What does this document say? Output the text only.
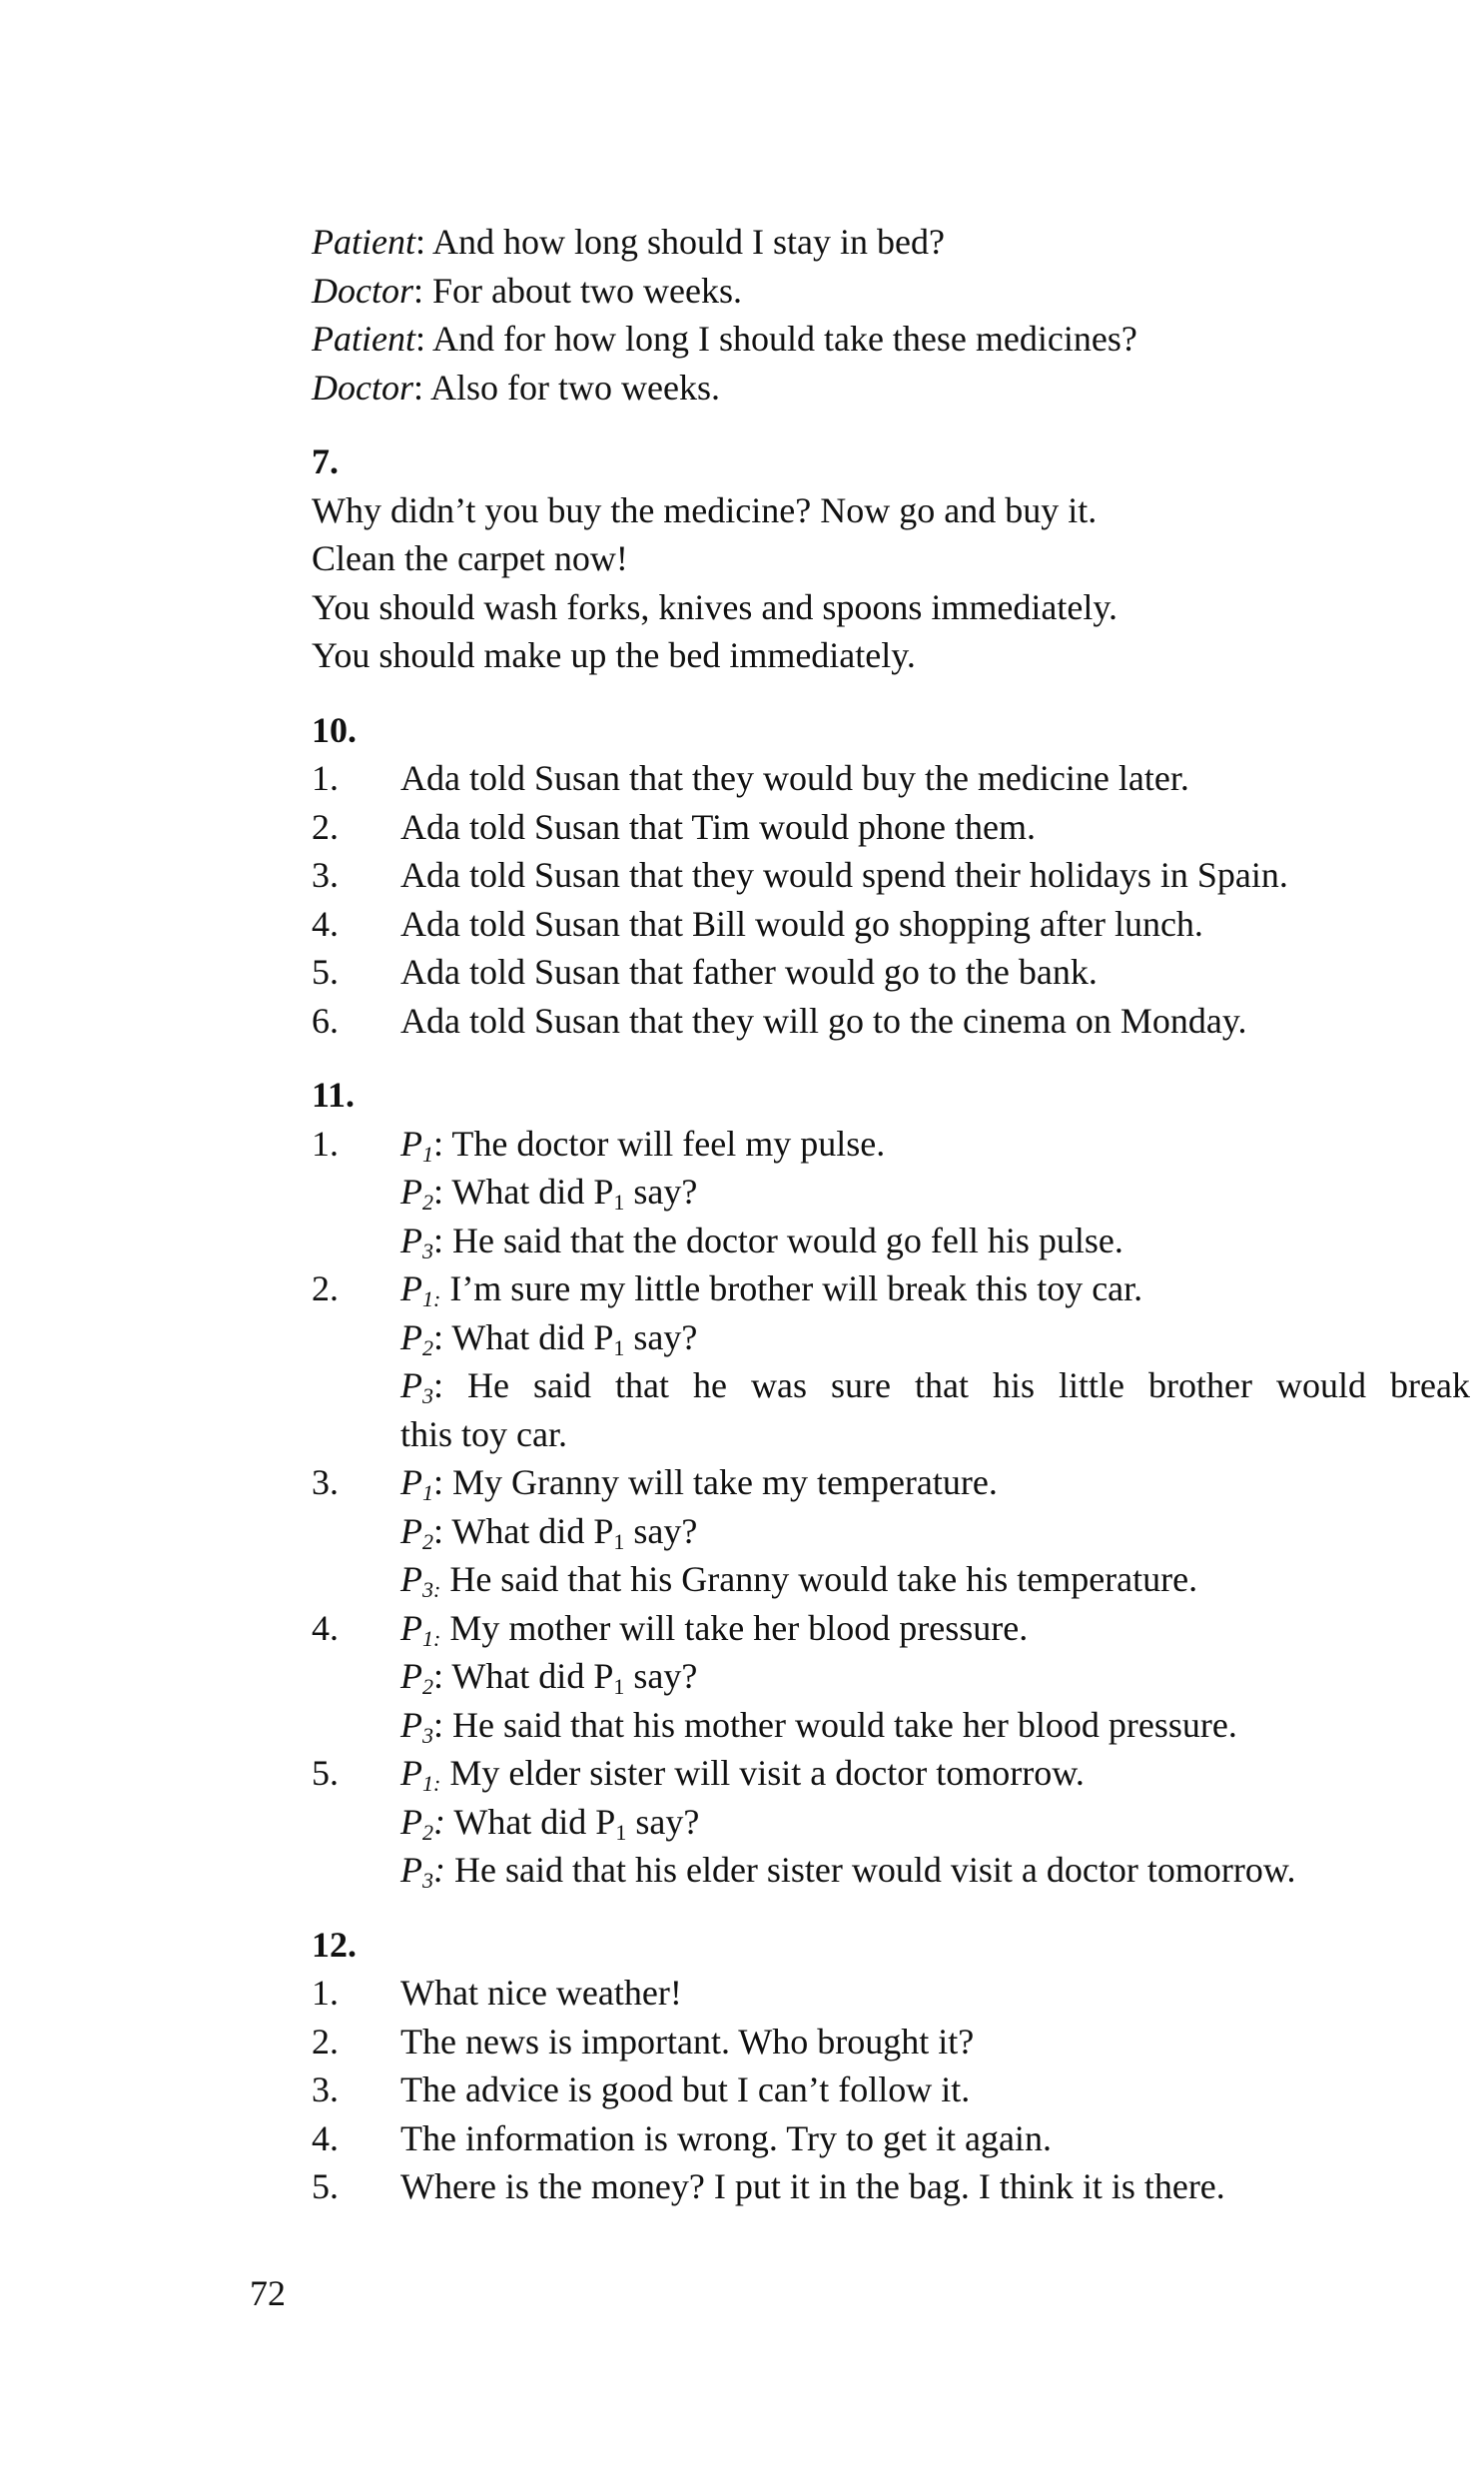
Patient: And how long should I stay in bed?
Doctor: For about two weeks.
Patient: And for how long I should take these medicines?
Doctor: Also for two weeks.
7.
Why didn’t you buy the medicine? Now go and buy it.
Clean the carpet now!
You should wash forks, knives and spoons immediately.
You should make up the bed immediately.
10.
1.	Ada told Susan that they would buy the medicine later.
2.	Ada told Susan that Tim would phone them.
3.	Ada told Susan that they would spend their holidays in Spain.
4.	Ada told Susan that Bill would go shopping after lunch.
5.	Ada told Susan that father would go to the bank.
6.	Ada told Susan that they will go to the cinema on Monday.
11.
1.	$P_1$: The doctor will feel my pulse.
$P_2$: What did $P_1$ say?
$P_3$: He said that the doctor would go fell his pulse.
2.	$P_{1:}$ I’m sure my little brother will break this toy car.
$P_2$: What did $P_1$ say?
$P_3$: He said that he was sure that his little brother would break
this toy car.
3.	$P_1$: My Granny will take my temperature.
$P_2$: What did $P_1$ say?
$P_{3:}$ He said that his Granny would take his temperature.
4.	$P_{1:}$ My mother will take her blood pressure.
$P_2$: What did $P_1$ say?
$P_3$: He said that his mother would take her blood pressure.
5.	$P_{1:}$ My elder sister will visit a doctor tomorrow.
$P_2$: What did $P_1$ say?
$P_3$: He said that his elder sister would visit a doctor tomorrow.
12.
1.	What nice weather!
2.	The news is important. Who brought it?
3.	The advice is good but I can’t follow it.
4.	The information is wrong. Try to get it again.
5.	Where is the money? I put it in the bag. I think it is there.
72
